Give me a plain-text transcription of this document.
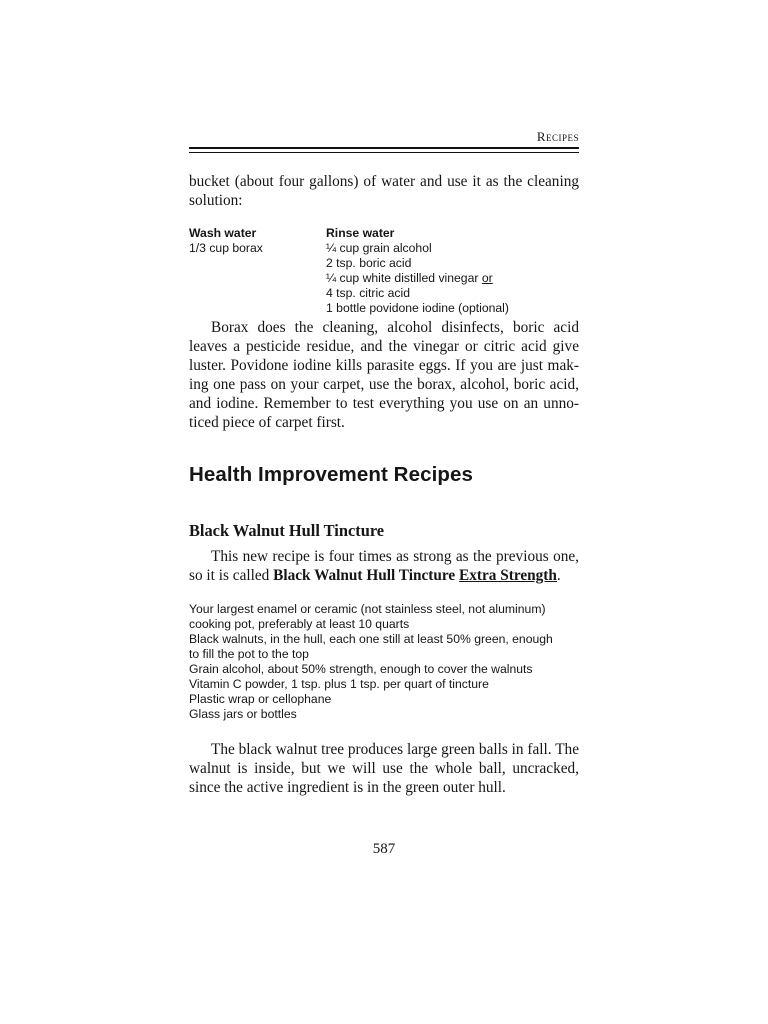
Recipes

bucket (about four gallons) of water and use it as the cleaning solution:

Wash water	Rinse water
1/3 cup borax	¼ cup grain alcohol
2 tsp. boric acid
¼ cup white distilled vinegar or
4 tsp. citric acid
1 bottle povidone iodine (optional)

Borax does the cleaning, alcohol disinfects, boric acid leaves a pesticide residue, and the vinegar or citric acid give luster. Povidone iodine kills parasite eggs. If you are just mak-ing one pass on your carpet, use the borax, alcohol, boric acid, and iodine. Remember to test everything you use on an unno-ticed piece of carpet first.

Health Improvement Recipes
Black Walnut Hull Tincture

This new recipe is four times as strong as the previous one, so it is called Black Walnut Hull Tincture Extra Strength.

Your largest enamel or ceramic (not stainless steel, not aluminum)
cooking pot, preferably at least 10 quarts
Black walnuts, in the hull, each one still at least 50% green, enough
to fill the pot to the top
Grain alcohol, about 50% strength, enough to cover the walnuts
Vitamin C powder, 1 tsp. plus 1 tsp. per quart of tincture
Plastic wrap or cellophane
Glass jars or bottles

The black walnut tree produces large green balls in fall. The walnut is inside, but we will use the whole ball, uncracked, since the active ingredient is in the green outer hull.

587
